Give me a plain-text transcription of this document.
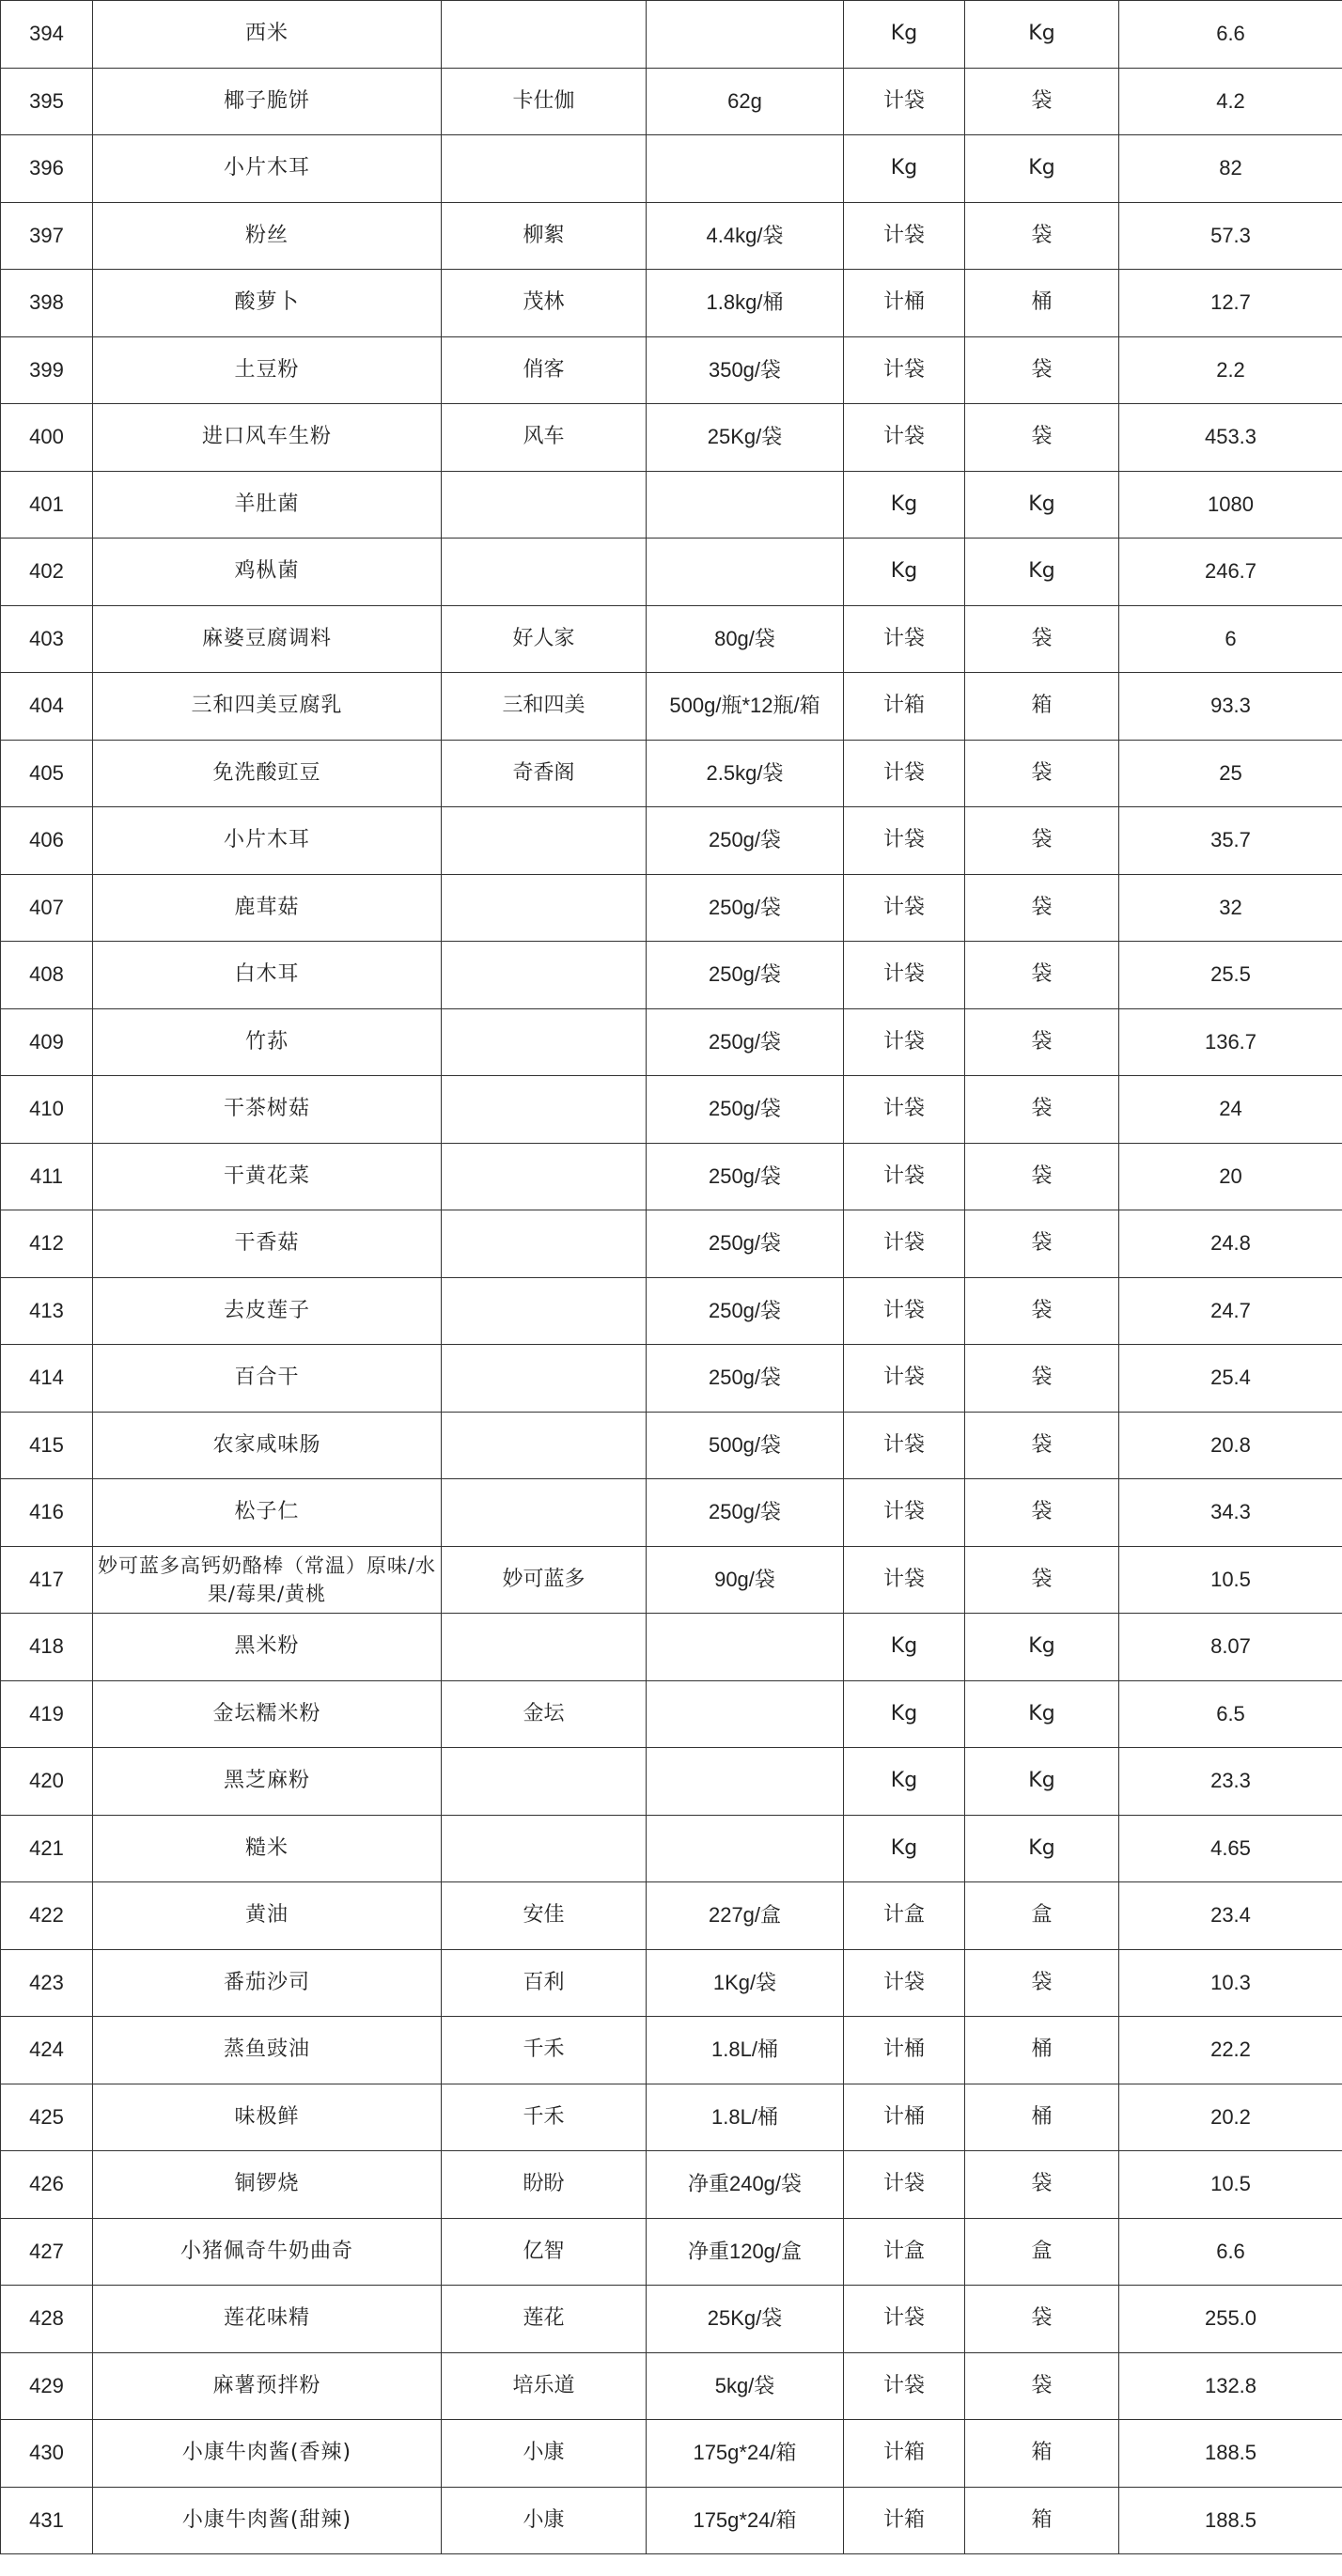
394	西米			Kg	Kg	6.6
395	椰子脆饼	卡仕伽	62g	计袋	袋	4.2
396	小片木耳			Kg	Kg	82
397	粉丝	柳絮	4.4kg/袋	计袋	袋	57.3
398	酸萝卜	茂林	1.8kg/桶	计桶	桶	12.7
399	土豆粉	俏客	350g/袋	计袋	袋	2.2
400	进口风车生粉	风车	25Kg/袋	计袋	袋	453.3
401	羊肚菌			Kg	Kg	1080
402	鸡枞菌			Kg	Kg	246.7
403	麻婆豆腐调料	好人家	80g/袋	计袋	袋	6
404	三和四美豆腐乳	三和四美	500g/瓶*12瓶/箱	计箱	箱	93.3
405	免洗酸豇豆	奇香阁	2.5kg/袋	计袋	袋	25
406	小片木耳		250g/袋	计袋	袋	35.7
407	鹿茸菇		250g/袋	计袋	袋	32
408	白木耳		250g/袋	计袋	袋	25.5
409	竹荪		250g/袋	计袋	袋	136.7
410	干茶树菇		250g/袋	计袋	袋	24
411	干黄花菜		250g/袋	计袋	袋	20
412	干香菇		250g/袋	计袋	袋	24.8
413	去皮莲子		250g/袋	计袋	袋	24.7
414	百合干		250g/袋	计袋	袋	25.4
415	农家咸味肠		500g/袋	计袋	袋	20.8
416	松子仁		250g/袋	计袋	袋	34.3
417	妙可蓝多高钙奶酪棒（常温）原味/水果/莓果/黄桃	妙可蓝多	90g/袋	计袋	袋	10.5
418	黑米粉			Kg	Kg	8.07
419	金坛糯米粉	金坛		Kg	Kg	6.5
420	黑芝麻粉			Kg	Kg	23.3
421	糙米			Kg	Kg	4.65
422	黄油	安佳	227g/盒	计盒	盒	23.4
423	番茄沙司	百利	1Kg/袋	计袋	袋	10.3
424	蒸鱼豉油	千禾	1.8L/桶	计桶	桶	22.2
425	味极鲜	千禾	1.8L/桶	计桶	桶	20.2
426	铜锣烧	盼盼	净重240g/袋	计袋	袋	10.5
427	小猪佩奇牛奶曲奇	亿智	净重120g/盒	计盒	盒	6.6
428	莲花味精	莲花	25Kg/袋	计袋	袋	255.0
429	麻薯预拌粉	培乐道	5kg/袋	计袋	袋	132.8
430	小康牛肉酱(香辣)	小康	175g*24/箱	计箱	箱	188.5
431	小康牛肉酱(甜辣)	小康	175g*24/箱	计箱	箱	188.5
